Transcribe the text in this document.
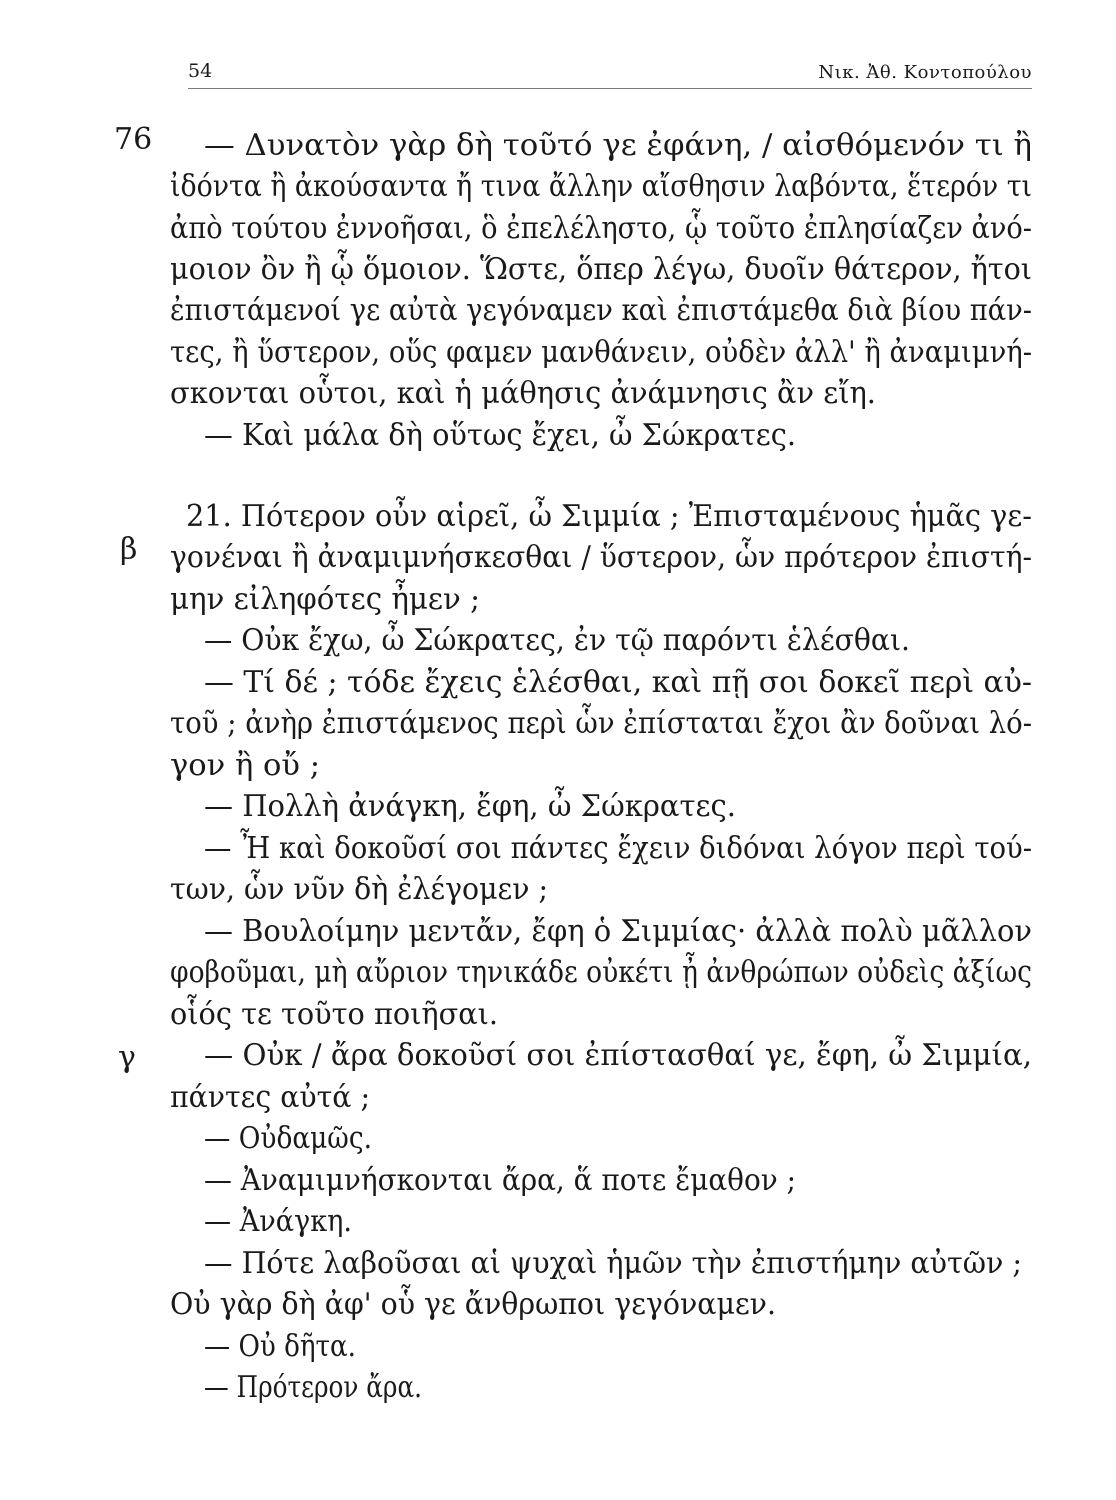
54	Νικ. Ἀθ. Κοντοπούλου
76
β
γ
— Δυνατὸν γὰρ δὴ τοῦτό γε ἐφάνη, / αἰσθόμενόν τι ἢ
ἰδόντα ἢ ἀκούσαντα ἤ τινα ἄλλην αἴσθησιν λαβόντα, ἕτερόν τι
ἀπὸ τούτου ἐννοῆσαι, ὃ ἐπελέληστο, ᾧ τοῦτο ἐπλησίαζεν ἀνό-
μοιον ὂν ἢ ᾧ ὅμοιον. Ὥστε, ὅπερ λέγω, δυοῖν θάτερον, ἤτοι
ἐπιστάμενοί γε αὐτὰ γεγόναμεν καὶ ἐπιστάμεθα διὰ βίου πάν-
τες, ἢ ὕστερον, οὕς φαμεν μανθάνειν, οὐδὲν ἀλλ' ἢ ἀναμιμνή-
σκονται οὗτοι, καὶ ἡ μάθησις ἀνάμνησις ἂν εἴη.
— Καὶ μάλα δὴ οὕτως ἔχει, ὦ Σώκρατες.
21. Πότερον οὖν αἱρεῖ, ὦ Σιμμία ; Ἐπισταμένους ἡμᾶς γε-
γονέναι ἢ ἀναμιμνήσκεσθαι / ὕστερον, ὧν πρότερον ἐπιστή-
μην εἰληφότες ἦμεν ;
— Οὐκ ἔχω, ὦ Σώκρατες, ἐν τῷ παρόντι ἑλέσθαι.
— Τί δέ ; τόδε ἔχεις ἑλέσθαι, καὶ πῇ σοι δοκεῖ περὶ αὐ-
τοῦ ; ἀνὴρ ἐπιστάμενος περὶ ὧν ἐπίσταται ἔχοι ἂν δοῦναι λό-
γον ἢ οὔ ;
— Πολλὴ ἀνάγκη, ἔφη, ὦ Σώκρατες.
— Ἦ καὶ δοκοῦσί σοι πάντες ἔχειν διδόναι λόγον περὶ τού-
των, ὧν νῦν δὴ ἐλέγομεν ;
— Βουλοίμην μεντἄν, ἔφη ὁ Σιμμίας· ἀλλὰ πολὺ μᾶλλον
φοβοῦμαι, μὴ αὔριον τηνικάδε οὐκέτι ᾖ ἀνθρώπων οὐδεὶς ἀξίως
οἷός τε τοῦτο ποιῆσαι.
— Οὐκ / ἄρα δοκοῦσί σοι ἐπίστασθαί γε, ἔφη, ὦ Σιμμία,
πάντες αὐτά ;
— Οὐδαμῶς.
— Ἀναμιμνήσκονται ἄρα, ἅ ποτε ἔμαθον ;
— Ἀνάγκη.
— Πότε λαβοῦσαι αἱ ψυχαὶ ἡμῶν τὴν ἐπιστήμην αὐτῶν ;
Οὐ γὰρ δὴ ἀφ' οὗ γε ἄνθρωποι γεγόναμεν.
— Οὐ δῆτα.
— Πρότερον ἄρα.
